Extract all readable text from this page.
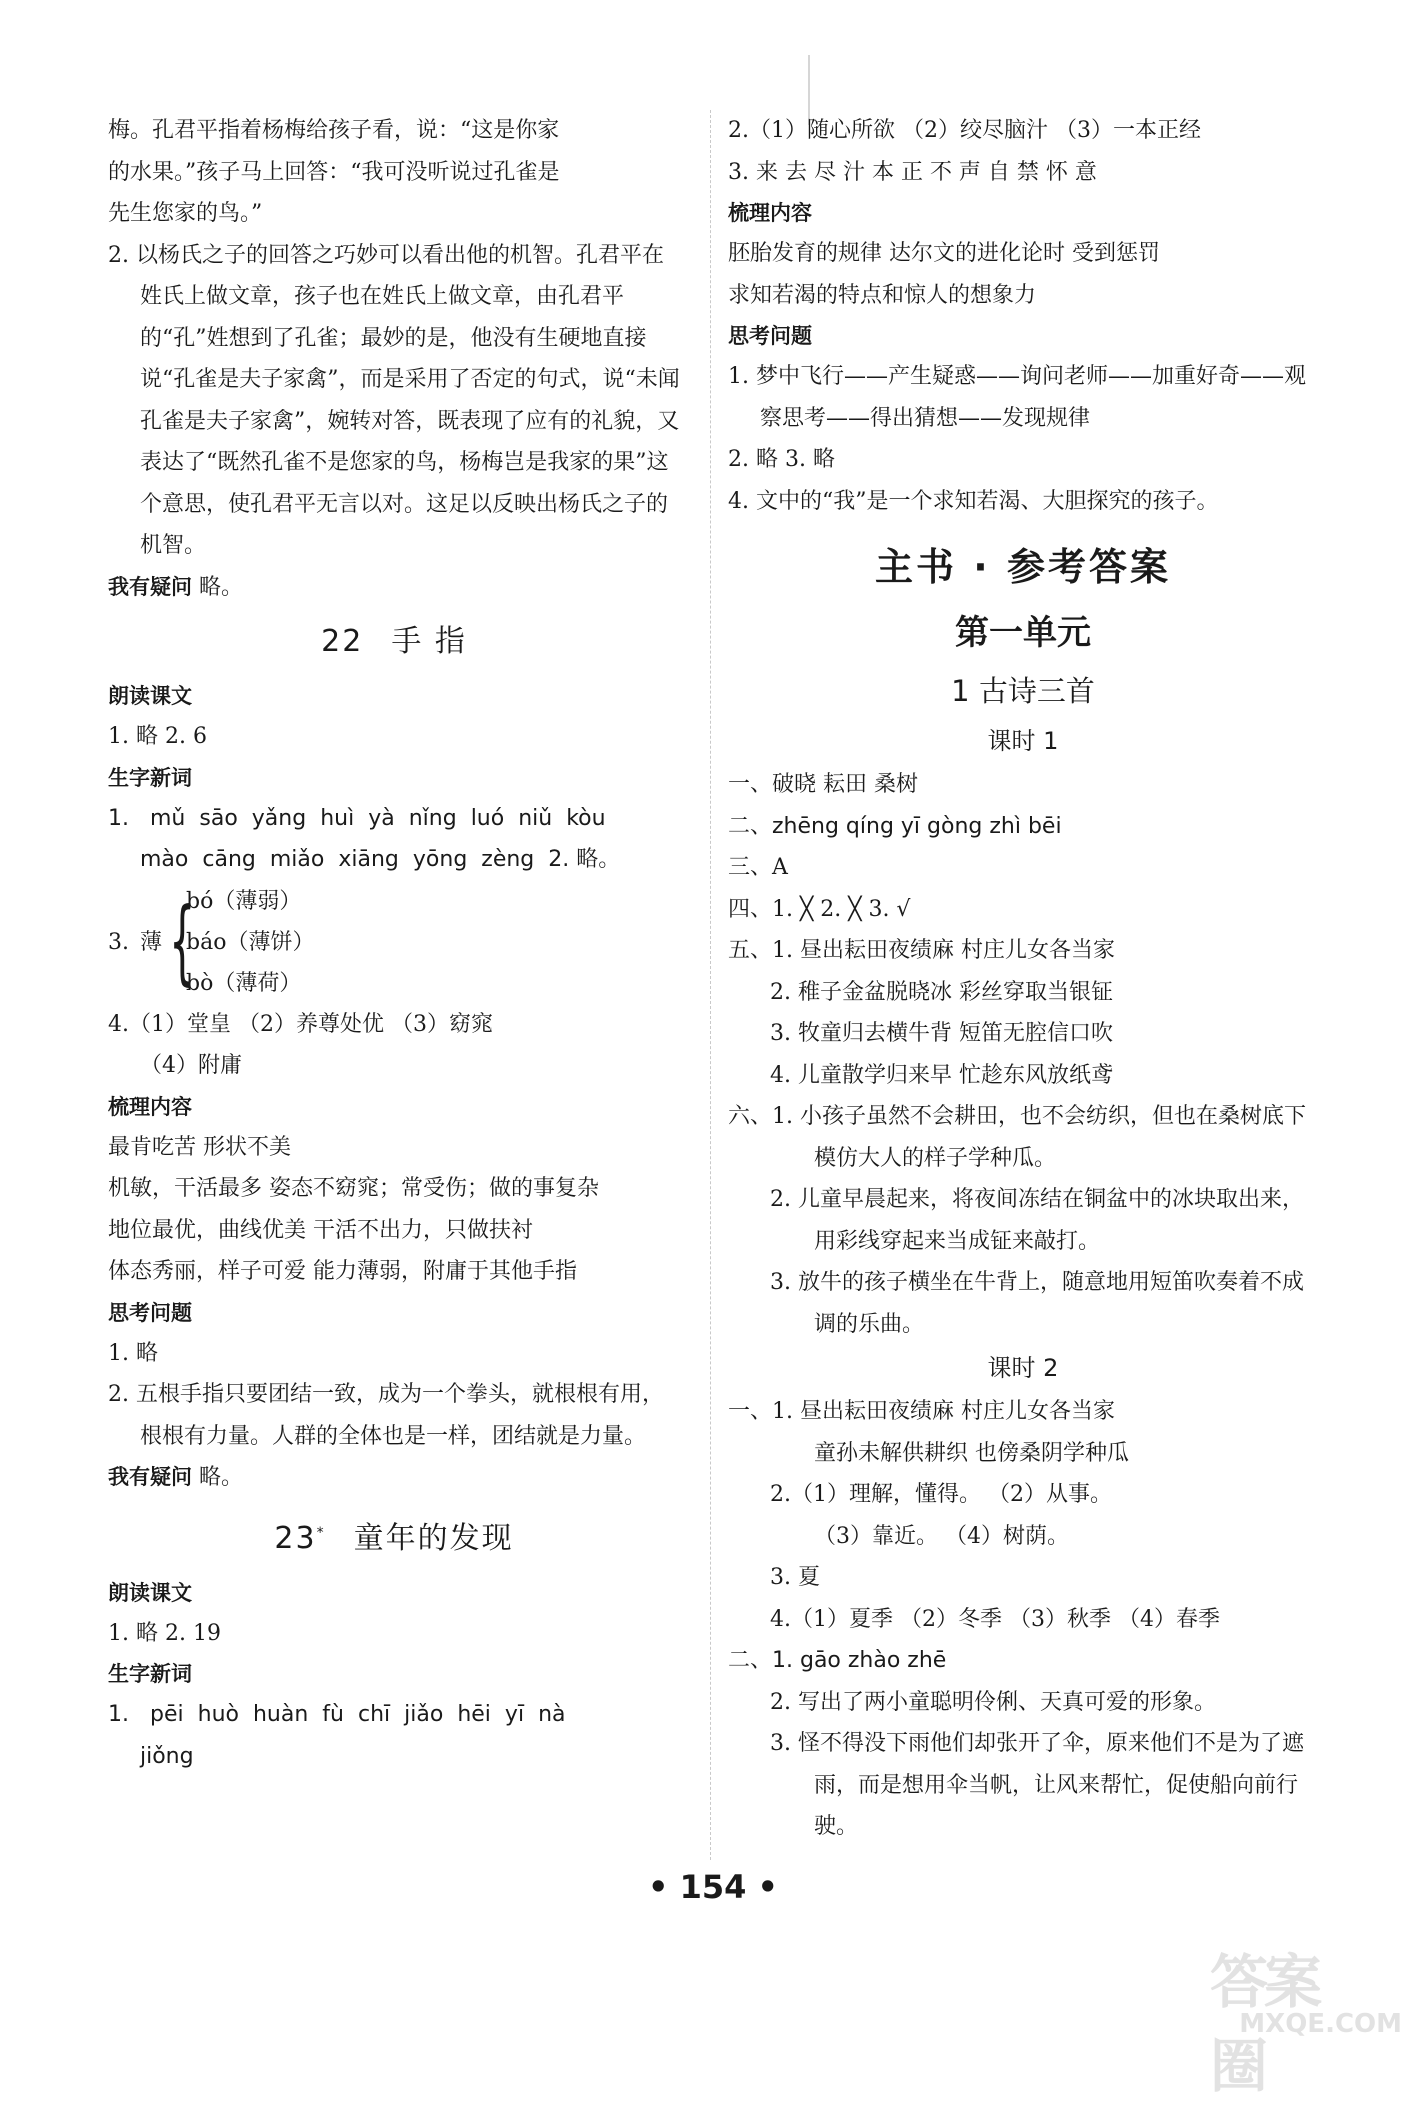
梅。孔君平指着杨梅给孩子看，说：“这是你家

的水果。”孩子马上回答：“我可没听说过孔雀是

先生您家的鸟。”

2. 以杨氏之子的回答之巧妙可以看出他的机智。孔君平在姓氏上做文章，孩子也在姓氏上做文章，由孔君平的“孔”姓想到了孔雀；最妙的是，他没有生硬地直接说“孔雀是夫子家禽”，而是采用了否定的句式，说“未闻孔雀是夫子家禽”，婉转对答，既表现了应有的礼貌，又表达了“既然孔雀不是您家的鸟，杨梅岂是我家的果”这个意思，使孔君平无言以对。这足以反映出杨氏之子的机智。

我有疑问 略。

22 手 指

朗读课文

1. 略 2. 6

生字新词

1. mǔ sāo yǎng huì yà nǐng luó niǔ kòu

mào cāng miǎo xiāng yōng zèng 2. 略。

3. 薄 {
bó（薄弱）
báo（薄饼）
bò（薄荷）

4.（1）堂皇 （2）养尊处优 （3）窈窕

（4）附庸

梳理内容

最肯吃苦 形状不美

机敏，干活最多 姿态不窈窕；常受伤；做的事复杂

地位最优，曲线优美 干活不出力，只做扶衬

体态秀丽，样子可爱 能力薄弱，附庸于其他手指

思考问题

1. 略

2. 五根手指只要团结一致，成为一个拳头，就根根有用，根根有力量。人群的全体也是一样，团结就是力量。

我有疑问 略。

23* 童年的发现

朗读课文

1. 略 2. 19

生字新词

1. pēi huò huàn fù chī jiǎo hēi yī nà

jiǒng

2.（1）随心所欲 （2）绞尽脑汁 （3）一本正经

3. 来 去 尽 汁 本 正 不 声 自 禁 怀 意

梳理内容

胚胎发育的规律 达尔文的进化论时 受到惩罚

求知若渴的特点和惊人的想象力

思考问题

1. 梦中飞行——产生疑惑——询问老师——加重好奇——观察思考——得出猜想——发现规律

2. 略 3. 略

4. 文中的“我”是一个求知若渴、大胆探究的孩子。

主书 · 参考答案

第一单元

1 古诗三首

课时 1

一、破晓 耘田 桑树

二、zhēng qíng yī gòng zhì bēi

三、A

四、1. ╳ 2. ╳ 3. √

五、1. 昼出耘田夜绩麻 村庄儿女各当家

2. 稚子金盆脱晓冰 彩丝穿取当银钲

3. 牧童归去横牛背 短笛无腔信口吹

4. 儿童散学归来早 忙趁东风放纸鸢

六、1. 小孩子虽然不会耕田，也不会纺织，但也在桑树底下模仿大人的样子学种瓜。

2. 儿童早晨起来，将夜间冻结在铜盆中的冰块取出来，用彩线穿起来当成钲来敲打。

3. 放牛的孩子横坐在牛背上，随意地用短笛吹奏着不成调的乐曲。

课时 2

一、1. 昼出耘田夜绩麻 村庄儿女各当家

童孙未解供耕织 也傍桑阴学种瓜

2.（1）理解，懂得。 （2）从事。

（3）靠近。 （4）树荫。

3. 夏

4.（1）夏季 （2）冬季 （3）秋季 （4）春季

二、1. gāo zhào zhē

2. 写出了两小童聪明伶俐、天真可爱的形象。

3. 怪不得没下雨他们却张开了伞，原来他们不是为了遮雨，而是想用伞当帆，让风来帮忙，促使船向前行驶。

• 154 •
答案圈
MXQE.COM
